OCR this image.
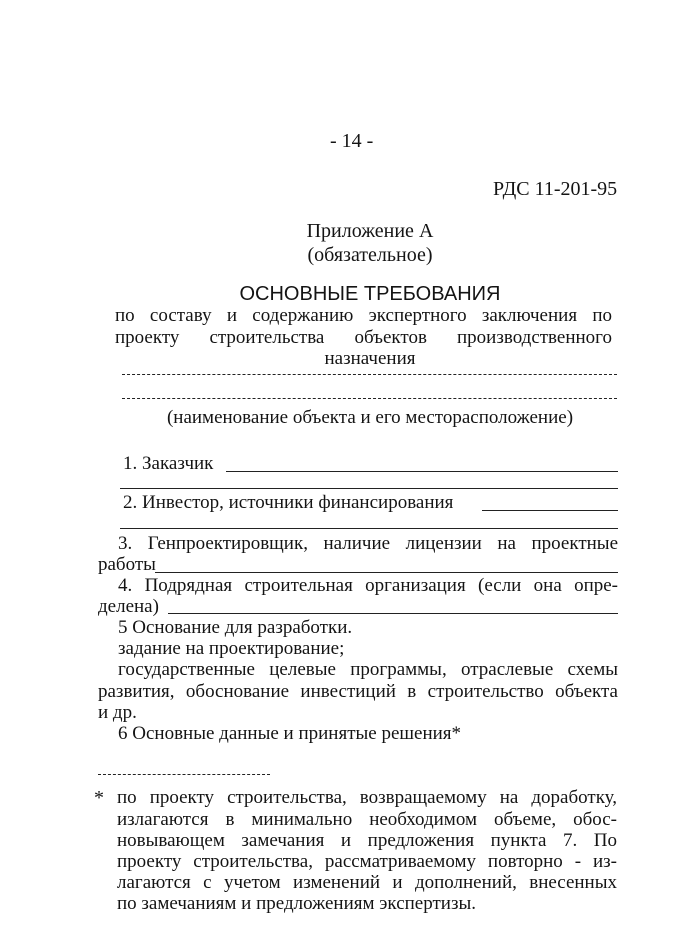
- 14 -
РДС 11-201-95
Приложение А
(обязательное)
ОСНОВНЫЕ ТРЕБОВАНИЯ
по составу и содержанию экспертного заключения по
проекту строительства объектов производственного
назначения
(наименование объекта и его месторасположение)
1. Заказчик
2. Инвестор, источники финансирования
3. Генпроектировщик, наличие лицензии на проектные
работы
4. Подрядная строительная организация (если она опре-
делена)
5 Основание для разработки.
задание на проектирование;
государственные целевые программы, отраслевые схемы
развития, обоснование инвестиций в строительство объекта
и др.
6 Основные данные и принятые решения*
* по проекту строительства, возвращаемому на доработку,
излагаются в минимально необходимом объеме, обос-
новывающем замечания и предложения пункта 7. По
проекту строительства, рассматриваемому повторно - из-
лагаются с учетом изменений и дополнений, внесенных
по замечаниям и предложениям экспертизы.
